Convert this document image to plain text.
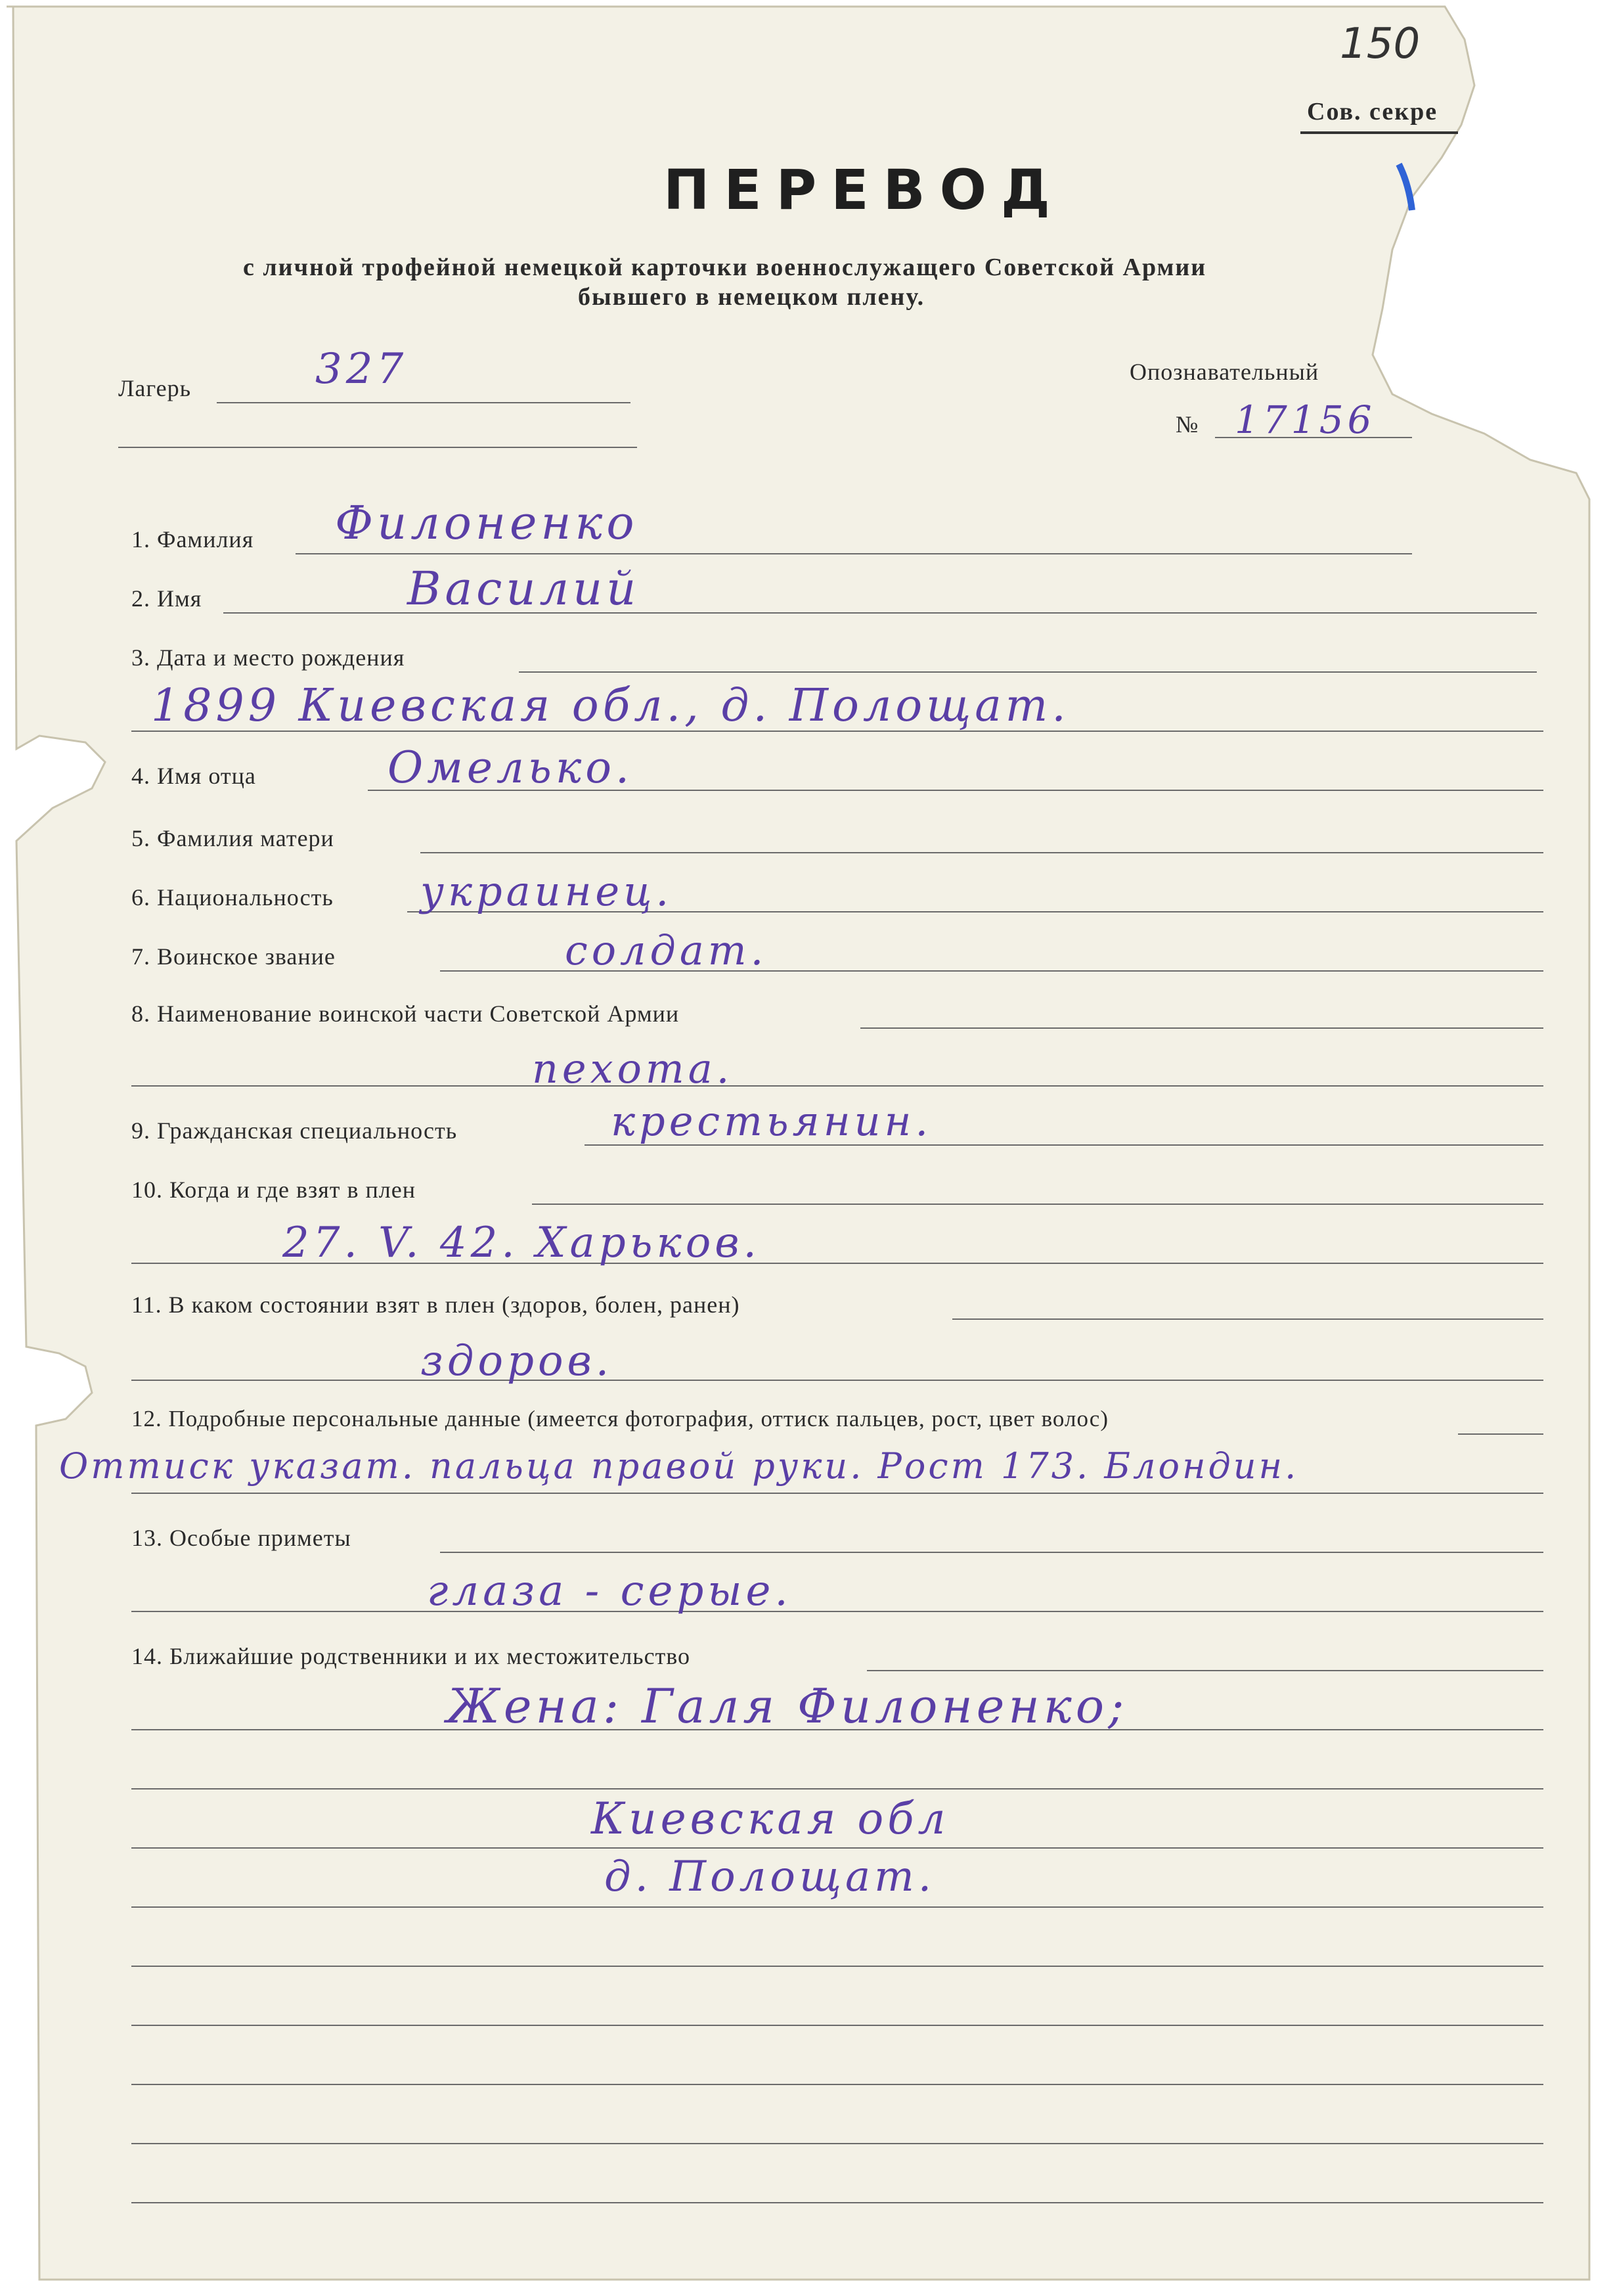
150
Сов. секре
ПЕРЕВОД
с личной трофейной немецкой карточки военнослужащего Советской Армии
бывшего в немецком плену.
Лагерь	327	Опознавательный
№ 17156
1. Фамилия Филоненко
2. Имя	Василий
3. Дата и место рождения
1899 Киевская обл., д. Полощат.
4. Имя отца	Омелько.
5. Фамилия матери
6. Национальность украинец.
7. Воинское звание	солдат.
8. Наименование воинской части Советской Армии
пехота.
9. Гражданская специальность	крестьянин.
10. Когда и где взят в плен
27. V. 42. Харьков.
11. В каком состоянии взят в плен (здоров, болен, ранен)
здоров.
12. Подробные персональные данные (имеется фотография, оттиск пальцев, рост, цвет волос)
Оттиск указат. пальца правой руки. Рост 173. Блондин.
13. Особые приметы
глаза - серые.
14. Ближайшие родственники и их местожительство
Жена: Галя Филоненко;
Киевская обл
д. Полощат.
